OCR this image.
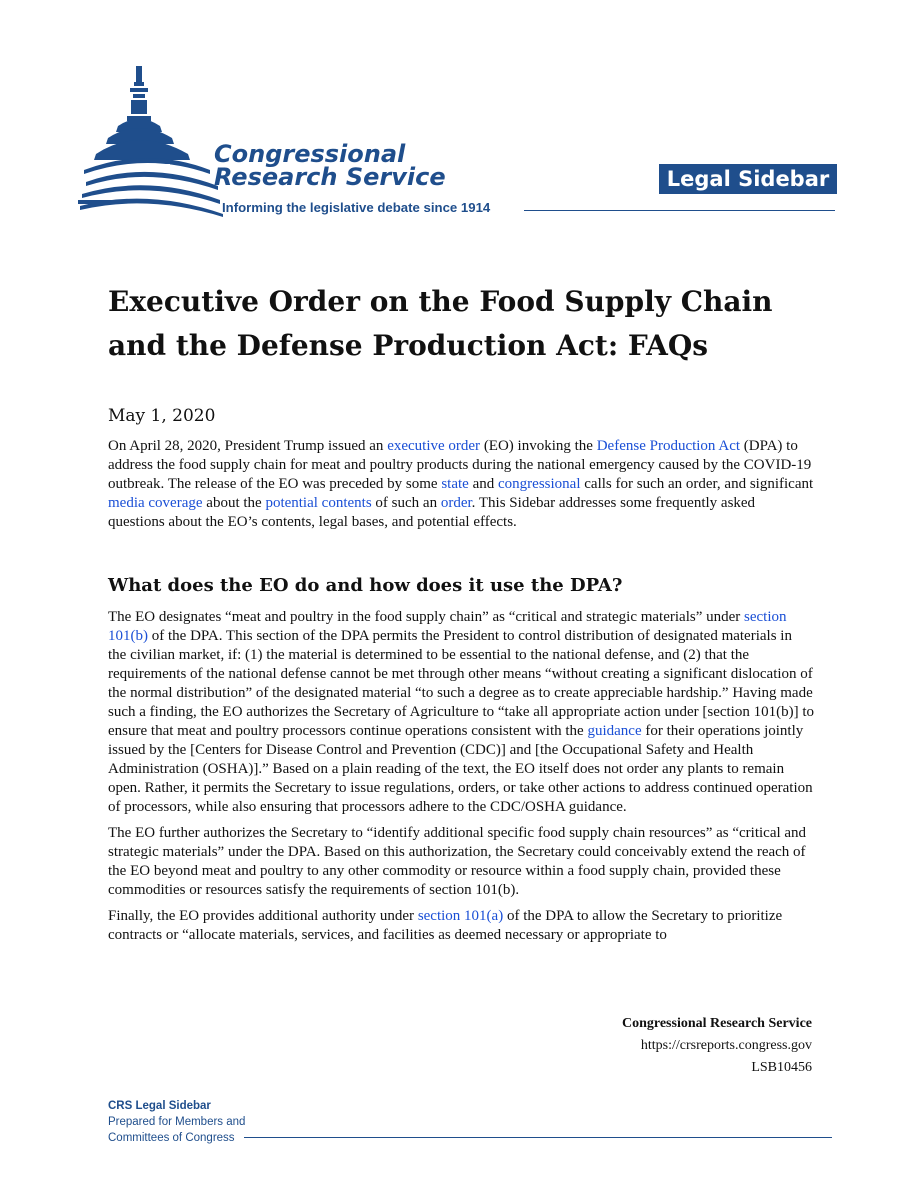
Congressional
Research Service
Informing the legislative debate since 1914
Legal Sidebar
Executive Order on the Food Supply Chain
and the Defense Production Act: FAQs
May 1, 2020

On April 28, 2020, President Trump issued an executive order (EO) invoking the Defense Production Act (DPA) to address the food supply chain for meat and poultry products during the national emergency caused by the COVID-19 outbreak. The release of the EO was preceded by some state and congressional calls for such an order, and significant media coverage about the potential contents of such an order. This Sidebar addresses some frequently asked questions about the EO’s contents, legal bases, and potential effects.

What does the EO do and how does it use the DPA?

The EO designates “meat and poultry in the food supply chain” as “critical and strategic materials” under section 101(b) of the DPA. This section of the DPA permits the President to control distribution of designated materials in the civilian market, if: (1) the material is determined to be essential to the national defense, and (2) that the requirements of the national defense cannot be met through other means “without creating a significant dislocation of the normal distribution” of the designated material “to such a degree as to create appreciable hardship.” Having made such a finding, the EO authorizes the Secretary of Agriculture to “take all appropriate action under [section 101(b)] to ensure that meat and poultry processors continue operations consistent with the guidance for their operations jointly issued by the [Centers for Disease Control and Prevention (CDC)] and [the Occupational Safety and Health Administration (OSHA)].” Based on a plain reading of the text, the EO itself does not order any plants to remain open. Rather, it permits the Secretary to issue regulations, orders, or take other actions to address continued operation of processors, while also ensuring that processors adhere to the CDC/OSHA guidance.

The EO further authorizes the Secretary to “identify additional specific food supply chain resources” as “critical and strategic materials” under the DPA. Based on this authorization, the Secretary could conceivably extend the reach of the EO beyond meat and poultry to any other commodity or resource within a food supply chain, provided these commodities or resources satisfy the requirements of section 101(b).

Finally, the EO provides additional authority under section 101(a) of the DPA to allow the Secretary to prioritize contracts or “allocate materials, services, and facilities as deemed necessary or appropriate to

Congressional Research Service
https://crsreports.congress.gov
LSB10456
CRS Legal Sidebar
Prepared for Members and
Committees of Congress
